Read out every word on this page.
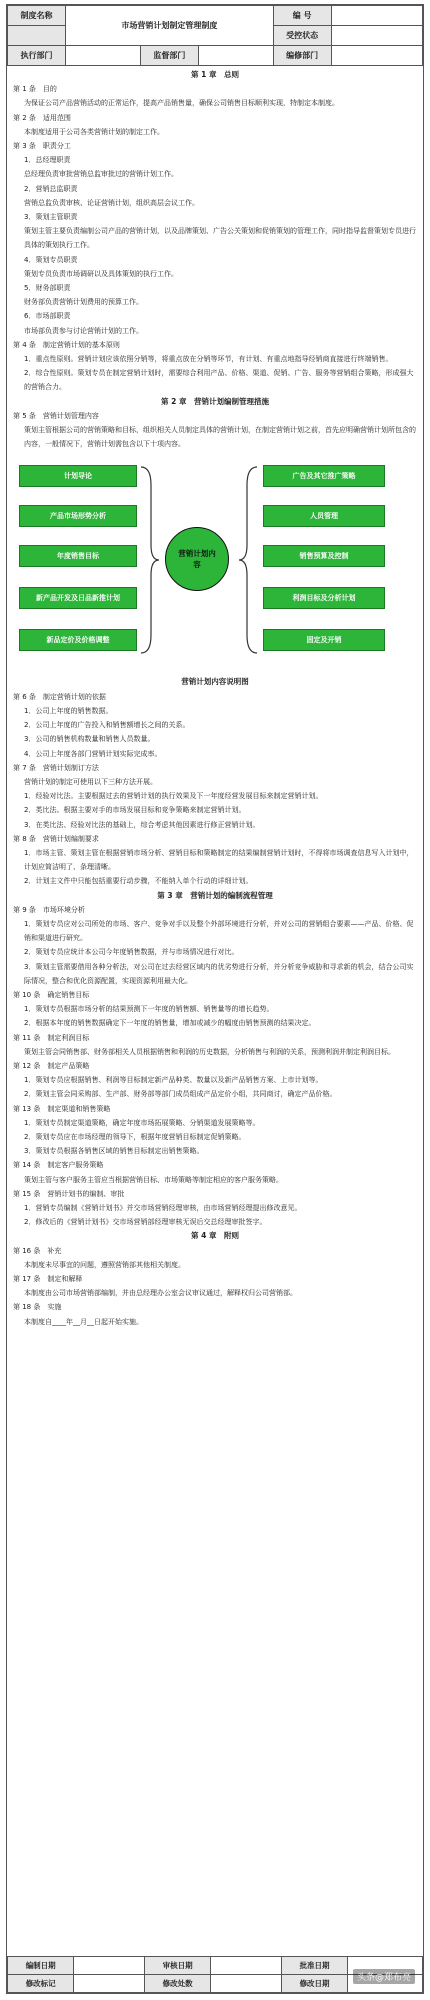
制度名称	市场营销计划制定管理制度			编 号	
				受控状态	
执行部门		监督部门		编修部门	

第 1 章　总则

第 1 条　目的

为保证公司产品营销活动的正常运作，提高产品销售量，确保公司销售目标顺利实现，特制定本制度。

第 2 条　适用范围

本制度适用于公司各类营销计划的制定工作。

第 3 条　职责分工

1．总经理职责

总经理负责审批营销总监审批过的营销计划工作。

2．营销总监职责

营销总监负责审核、论证营销计划，组织高层会议工作。

3．策划主管职责

策划主管主要负责编制公司产品的营销计划，以及品牌策划、广告公关策划和促销策划的管理工作，同时指导监督策划专员进行具体的策划执行工作。

4．策划专员职责

策划专员负责市场调研以及具体策划的执行工作。

5．财务部职责

财务部负责营销计划费用的预算工作。

6．市场部职责

市场部负责参与讨论营销计划的工作。

第 4 条　制定营销计划的基本原则

1．重点性原则。营销计划应该依照分销等，将重点放在分销等环节，有计划、有重点地指导经销商直接进行终端销售。

2．综合性原则。策划专员在制定营销计划时，需要综合利用产品、价格、渠道、促销、广告、服务等营销组合策略，形成强大的营销合力。

第 2 章　营销计划编制管理措施

第 5 条　营销计划管理内容

策划主管根据公司的营销策略和目标，组织相关人员制定具体的营销计划，在制定营销计划之前，首先应明确营销计划所包含的内容，一般情况下，营销计划需包含以下十项内容。

计划导论
产品市场形势分析
年度销售目标
新产品开发及日品新推计划
新品定价及价格调整
营销计划内容
广告及其它推广策略
人员管理
销售预算及控制
利润目标及分析计划
固定及开销

营销计划内容说明图

第 6 条　制定营销计划的依据

1．公司上年度的销售数据。

2．公司上年度的广告投入和销售额增长之间的关系。

3．公司的销售机构数量和销售人员数量。

4．公司上年度各部门营销计划实际完成率。

第 7 条　营销计划制订方法

营销计划的制定可使用以下三种方法开展。

1．经验对比法。主要根据过去的营销计划的执行效果及下一年度经营发展目标来制定营销计划。

2．类比法。根据主要对手的市场发展目标和竞争策略来制定营销计划。

3．在类比法、经验对比法的基础上，综合考虑其他因素进行修正营销计划。

第 8 条　营销计划编制要求

1．市场主管、策划主管在根据营销市场分析、营销目标和策略制定的结果编制营销计划时，不得将市场调查信息写入计划中，计划应简洁明了、条理清晰。

2．计划主文件中只能包括重要行动步骤，不能纳入单个行动的详细计划。

第 3 章　营销计划的编制流程管理

第 9 条　市场环境分析

1．策划专员应对公司所处的市场、客户、竞争对手以及整个外部环境进行分析，并对公司的营销组合要素——产品、价格、促销和渠道进行研究。

2．策划专员应统计本公司今年度销售数据，并与市场情况进行对比。

3．策划主管需要借用各种分析法，对公司在过去经营区域内的优劣势进行分析，并分析竞争威胁和寻求新的机会，结合公司实际情况，整合和优化资源配置，实现资源利用最大化。

第 10 条　确定销售目标

1．策划专员根据市场分析的结果预测下一年度的销售额、销售量等的增长趋势。

2．根据本年度的销售数据确定下一年度的销售量，增加或减少的幅度由销售预测的结果决定。

第 11 条　制定利润目标

策划主管会同销售部、财务部相关人员根据销售和利润的历史数据，分析销售与利润的关系，预测利润并制定利润目标。

第 12 条　制定产品策略

1．策划专员应根据销售、利润等目标制定新产品种类、数量以及新产品销售方案、上市计划等。

2．策划主管会同采购部、生产部、财务部等部门成员组成产品定价小组，共同商讨，确定产品价格。

第 13 条　制定渠道和销售策略

1．策划专员制定渠道策略，确定年度市场拓展策略、分销渠道发展策略等。

2．策划专员应在市场经理的领导下，根据年度营销目标制定促销策略。

3．策划专员根据各销售区域的销售目标制定出销售策略。

第 14 条　制定客户服务策略

策划主管与客户服务主管应当根据营销目标、市场策略等制定相应的客户服务策略。

第 15 条　营销计划书的编制、审批

1．营销专员编制《营销计划书》并交市场营销经理审核，由市场营销经理提出修改意见。

2．修改后的《营销计划书》交市场营销部经理审核无误后交总经理审批签字。

第 4 章　附则

第 16 条　补充

本制度未尽事宜的问题，遵照营销部其他相关制度。

第 17 条　制定和解释

本制度由公司市场营销部编制，并由总经理办公室会议审议通过，解释权归公司营销部。

第 18 条　实施

本制度自____年__月__日起开始实施。

编制日期		审核日期		批准日期	
修改标记		修改处数		修改日期	
头条@郑布亮
